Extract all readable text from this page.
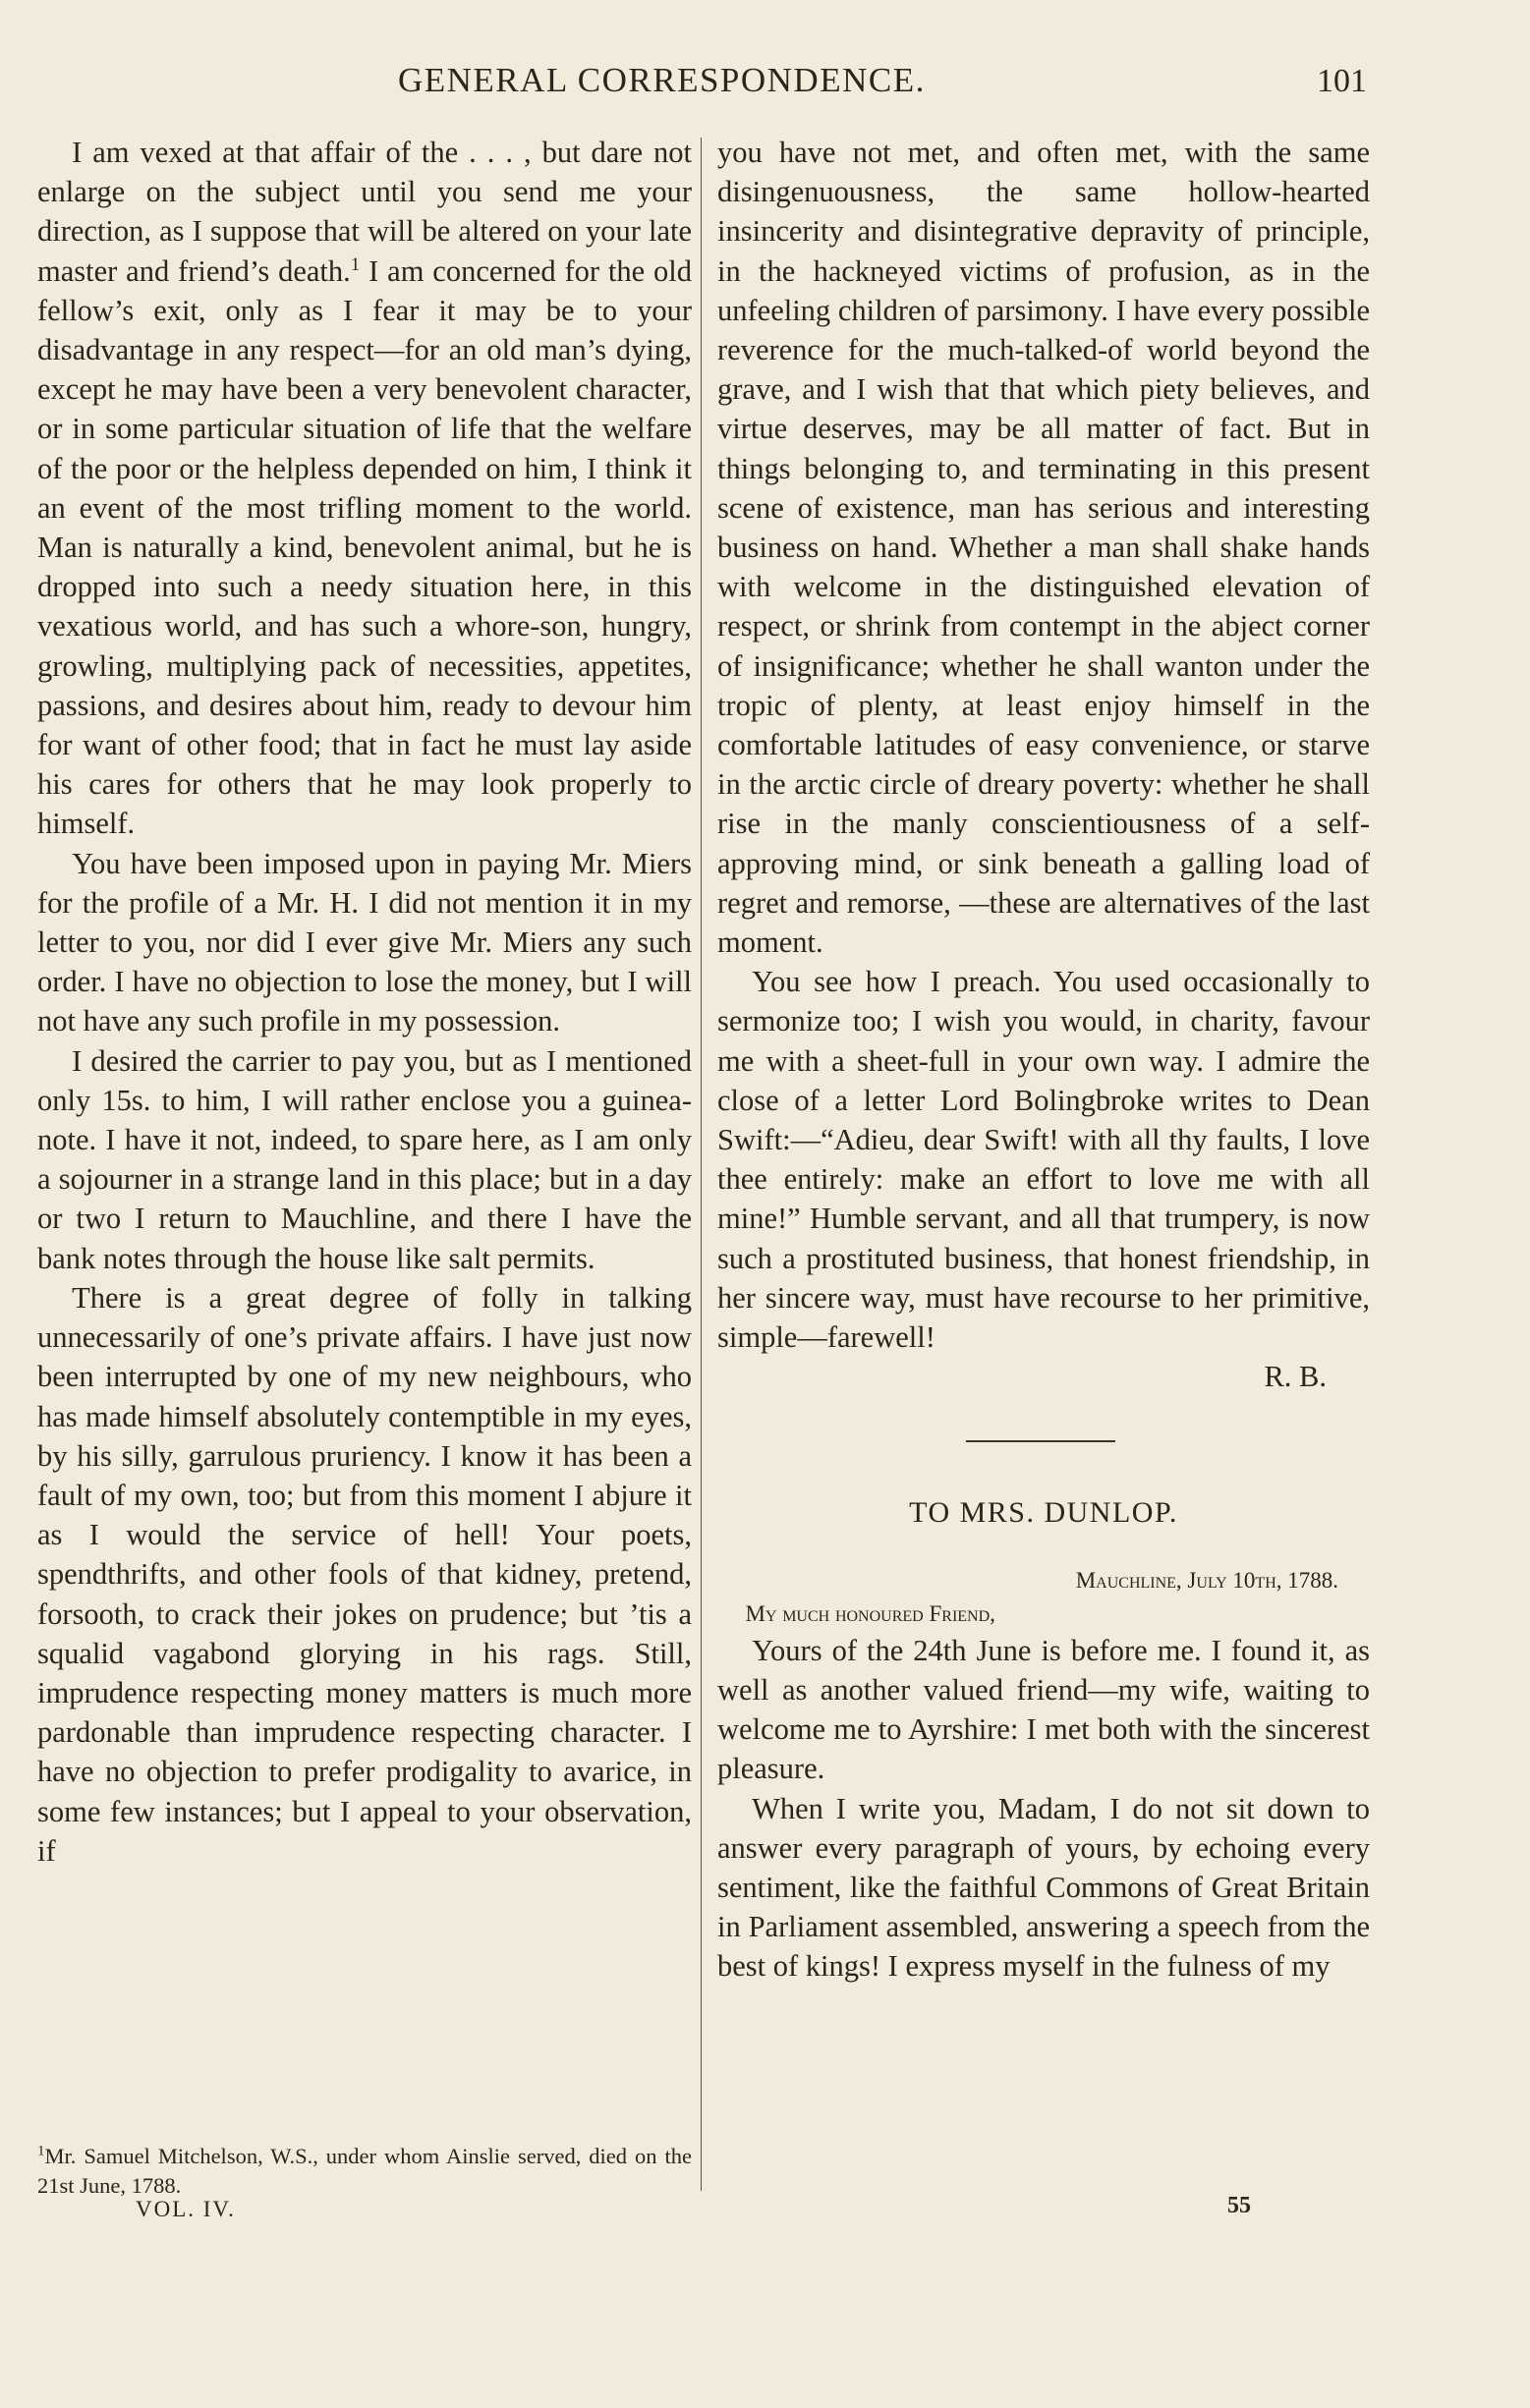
GENERAL CORRESPONDENCE.	101

I am vexed at that affair of the . . . , but dare not enlarge on the subject until you send me your direction, as I suppose that will be altered on your late master and friend’s death.$^1$ I am concerned for the old fellow’s exit, only as I fear it may be to your disadvantage in any respect—for an old man’s dying, except he may have been a very benevolent character, or in some particular situation of life that the welfare of the poor or the helpless depended on him, I think it an event of the most trifling moment to the world. Man is naturally a kind, benevolent animal, but he is dropped into such a needy situation here, in this vexatious world, and has such a whore-son, hungry, growling, multiplying pack of necessities, appetites, passions, and desires about him, ready to devour him for want of other food; that in fact he must lay aside his cares for others that he may look properly to himself.

You have been imposed upon in paying Mr. Miers for the profile of a Mr. H. I did not mention it in my letter to you, nor did I ever give Mr. Miers any such order. I have no objection to lose the money, but I will not have any such profile in my possession.

I desired the carrier to pay you, but as I mentioned only 15s. to him, I will rather enclose you a guinea-note. I have it not, indeed, to spare here, as I am only a sojourner in a strange land in this place; but in a day or two I return to Mauchline, and there I have the bank notes through the house like salt permits.

There is a great degree of folly in talking unnecessarily of one’s private affairs. I have just now been interrupted by one of my new neighbours, who has made himself absolutely contemptible in my eyes, by his silly, garrulous pruriency. I know it has been a fault of my own, too; but from this moment I abjure it as I would the service of hell! Your poets, spendthrifts, and other fools of that kidney, pretend, forsooth, to crack their jokes on prudence; but ’tis a squalid vagabond glorying in his rags. Still, imprudence respecting money matters is much more pardonable than imprudence respecting character. I have no objection to prefer prodigality to avarice, in some few instances; but I appeal to your observation, if

$^1$Mr. Samuel Mitchelson, W.S., under whom Ainslie served, died on the 21st June, 1788.
VOL. IV.	55

you have not met, and often met, with the same disingenuousness, the same hollow-hearted insincerity and disintegrative depravity of principle, in the hackneyed victims of profusion, as in the unfeeling children of parsimony. I have every possible reverence for the much-talked-of world beyond the grave, and I wish that that which piety believes, and virtue deserves, may be all matter of fact. But in things belonging to, and terminating in this present scene of existence, man has serious and interesting business on hand. Whether a man shall shake hands with welcome in the distinguished elevation of respect, or shrink from contempt in the abject corner of insignificance; whether he shall wanton under the tropic of plenty, at least enjoy himself in the comfortable latitudes of easy convenience, or starve in the arctic circle of dreary poverty: whether he shall rise in the manly conscientiousness of a self-approving mind, or sink beneath a galling load of regret and remorse, —these are alternatives of the last moment.

You see how I preach. You used occasionally to sermonize too; I wish you would, in charity, favour me with a sheet-full in your own way. I admire the close of a letter Lord Bolingbroke writes to Dean Swift:—“Adieu, dear Swift! with all thy faults, I love thee entirely: make an effort to love me with all mine!” Humble servant, and all that trumpery, is now such a prostituted business, that honest friendship, in her sincere way, must have recourse to her primitive, simple—farewell!

R. B.

TO MRS. DUNLOP.

Mauchline, July 10th, 1788.

My much honoured Friend,

Yours of the 24th June is before me. I found it, as well as another valued friend—my wife, waiting to welcome me to Ayrshire: I met both with the sincerest pleasure.

When I write you, Madam, I do not sit down to answer every paragraph of yours, by echoing every sentiment, like the faithful Commons of Great Britain in Parliament assembled, answering a speech from the best of kings! I express myself in the fulness of my
